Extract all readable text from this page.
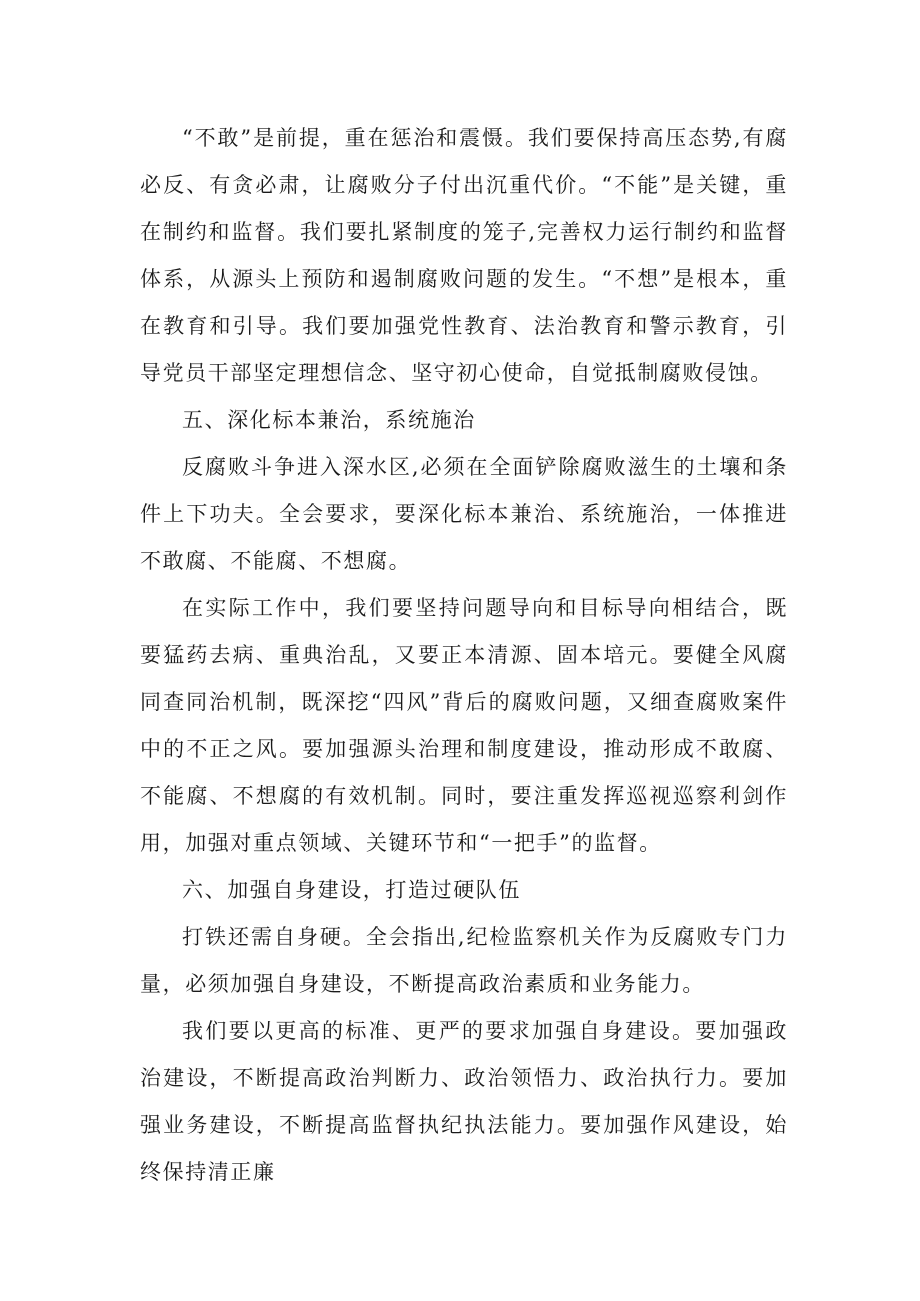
“不敢”是前提，重在惩治和震慑。我们要保持高压态势,有腐必反、有贪必肃，让腐败分子付出沉重代价。“不能”是关键，重在制约和监督。我们要扎紧制度的笼子,完善权力运行制约和监督体系，从源头上预防和遏制腐败问题的发生。“不想”是根本，重在教育和引导。我们要加强党性教育、法治教育和警示教育，引导党员干部坚定理想信念、坚守初心使命，自觉抵制腐败侵蚀。

五、深化标本兼治，系统施治

反腐败斗争进入深水区,必须在全面铲除腐败滋生的土壤和条件上下功夫。全会要求，要深化标本兼治、系统施治，一体推进不敢腐、不能腐、不想腐。

在实际工作中，我们要坚持问题导向和目标导向相结合，既要猛药去病、重典治乱，又要正本清源、固本培元。要健全风腐同查同治机制，既深挖“四风”背后的腐败问题，又细查腐败案件中的不正之风。要加强源头治理和制度建设，推动形成不敢腐、不能腐、不想腐的有效机制。同时，要注重发挥巡视巡察利剑作用，加强对重点领域、关键环节和“一把手”的监督。

六、加强自身建设，打造过硬队伍

打铁还需自身硬。全会指出,纪检监察机关作为反腐败专门力量，必须加强自身建设，不断提高政治素质和业务能力。

我们要以更高的标准、更严的要求加强自身建设。要加强政治建设，不断提高政治判断力、政治领悟力、政治执行力。要加强业务建设，不断提高监督执纪执法能力。要加强作风建设，始终保持清正廉
